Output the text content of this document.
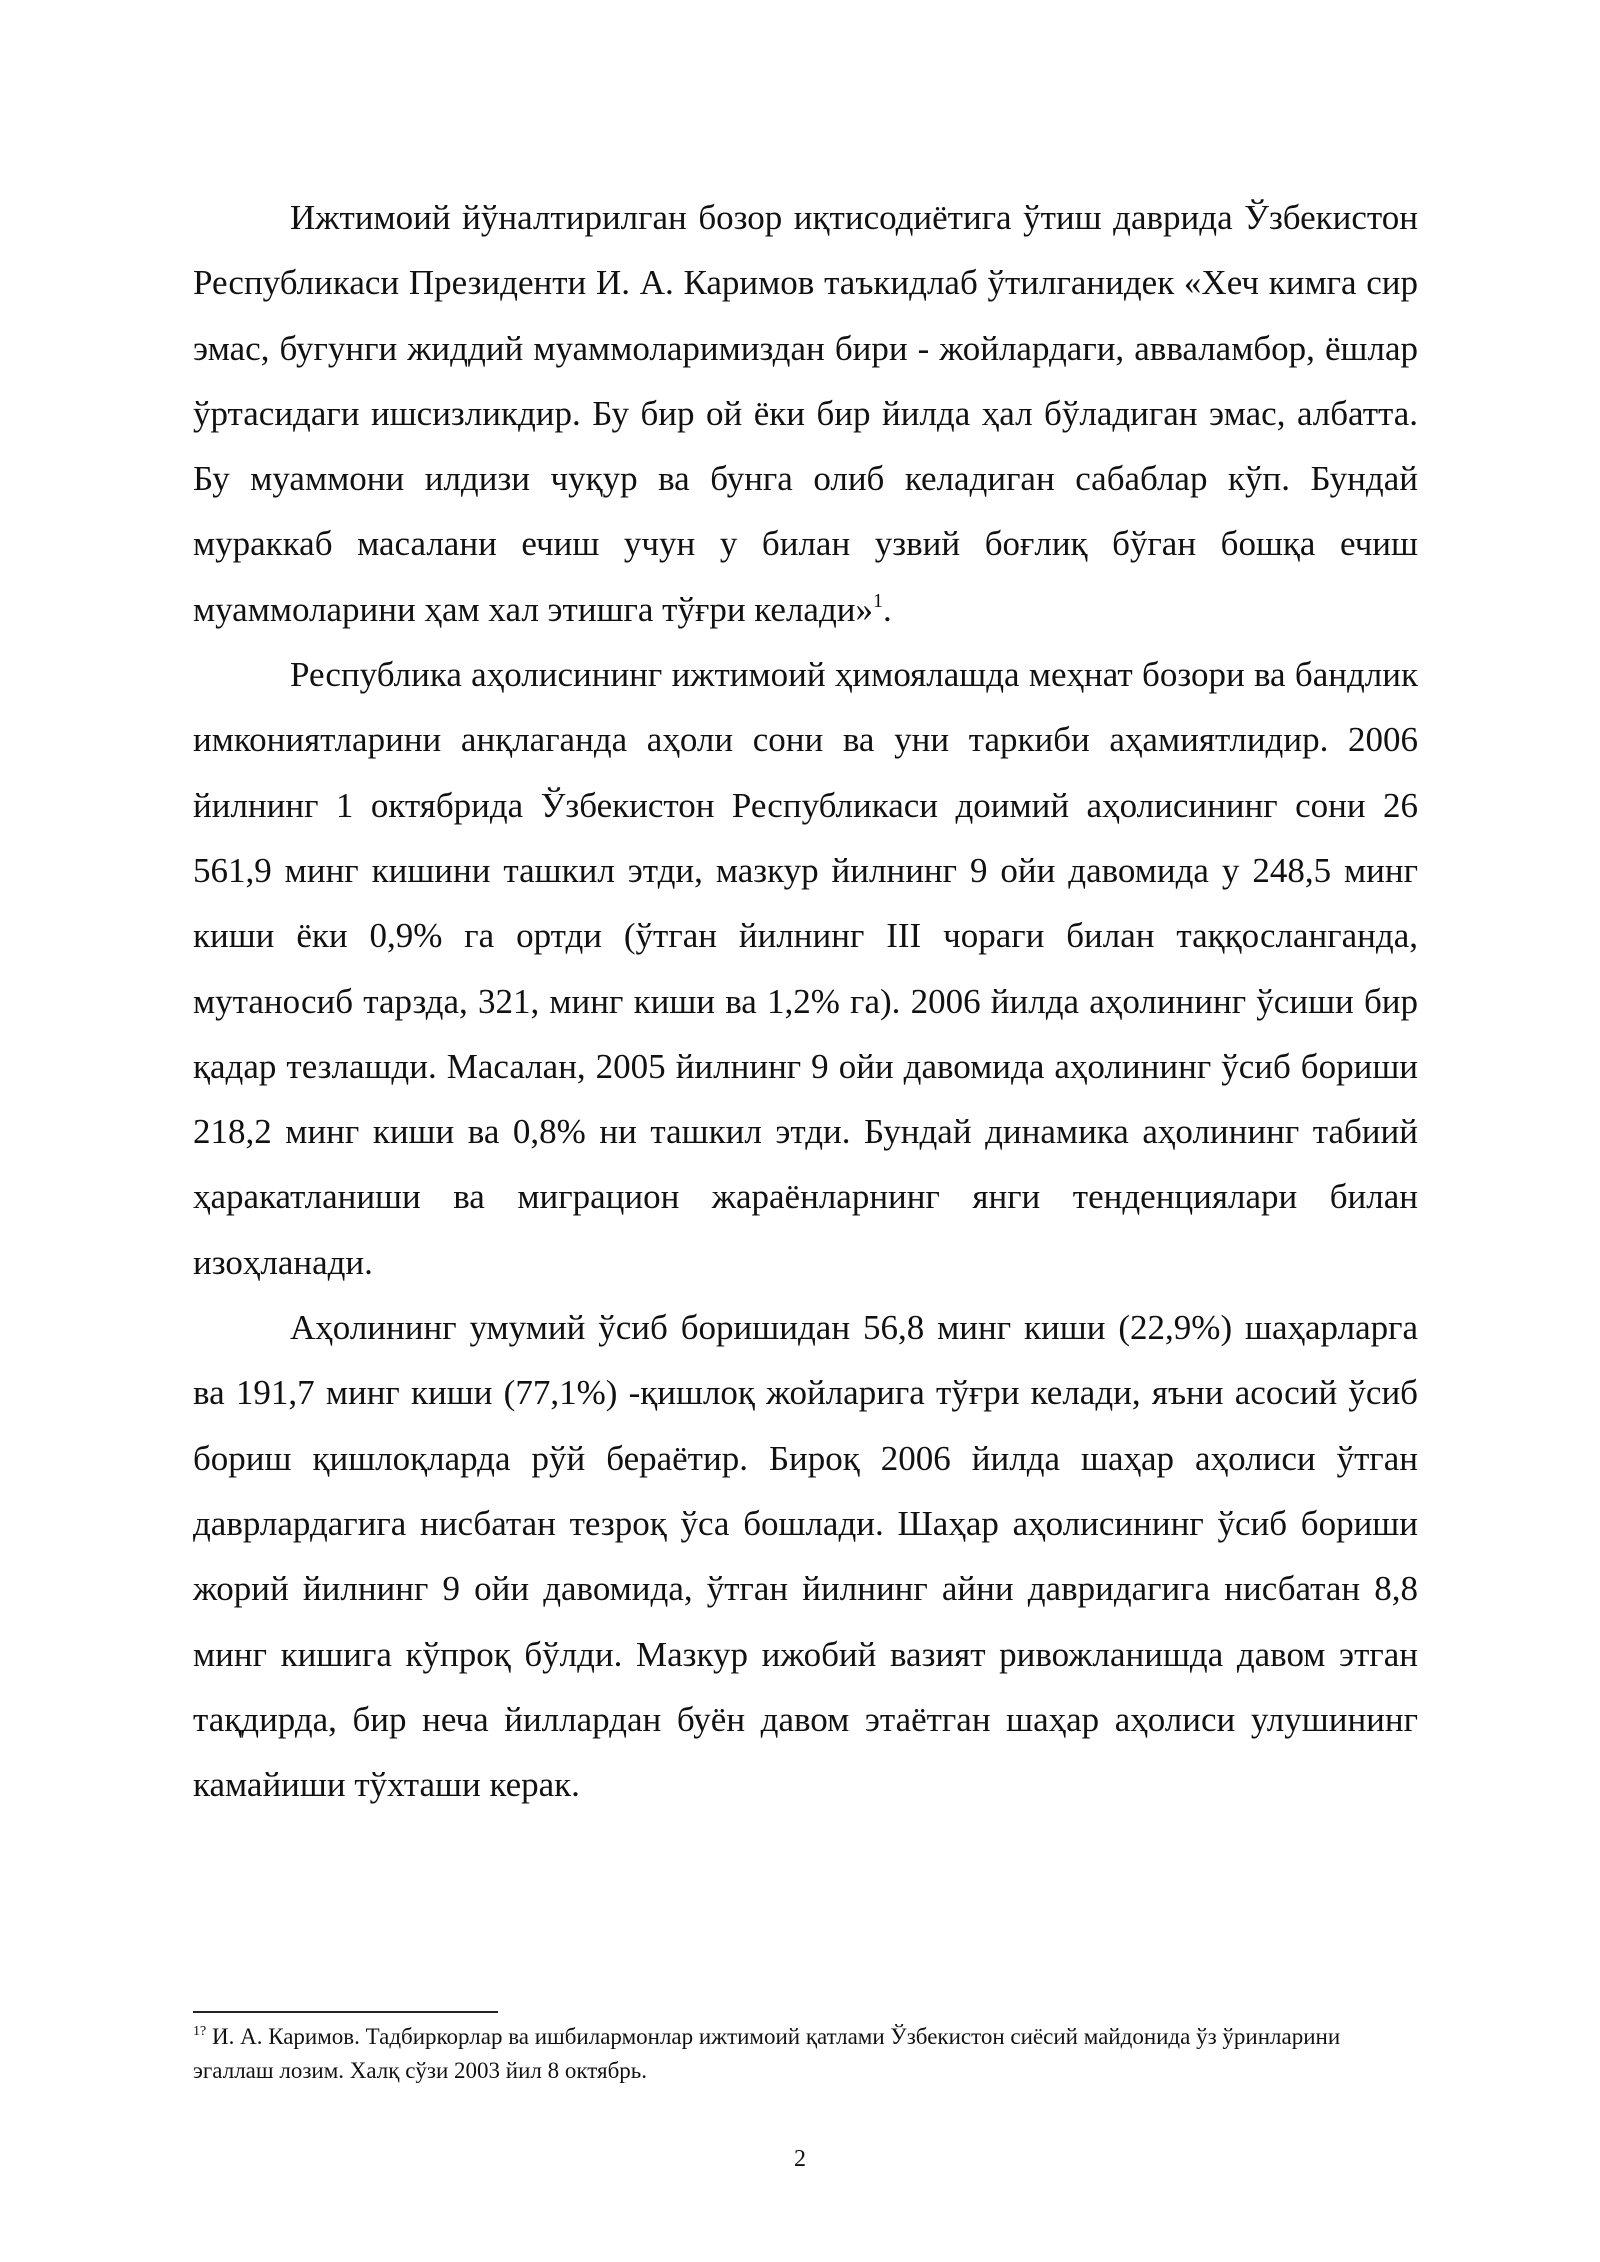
Ижтимоий йўналтирилган бозор иқтисодиётига ўтиш даврида Ўзбекистон Республикаси Президенти И. А. Каримов таъкидлаб ўтилганидек «Хеч кимга сир эмас, бугунги жиддий муаммоларимиздан бири - жойлардаги, авваламбор, ёшлар ўртасидаги ишсизликдир. Бу бир ой ёки бир йилда ҳал бўладиган эмас, албатта. Бу муаммони илдизи чуқур ва бунга олиб келадиган сабаблар кўп. Бундай мураккаб масалани ечиш учун у билан узвий боғлиқ бўган бошқа ечиш муаммоларини ҳам хал этишга тўғри келади»$^1$.

Республика аҳолисининг ижтимоий ҳимоялашда меҳнат бозори ва бандлик имкониятларини анқлаганда аҳоли сони ва уни таркиби аҳамиятлидир. 2006 йилнинг 1 октябрида Ўзбекистон Республикаси доимий аҳолисининг сони 26 561,9 минг кишини ташкил этди, мазкур йилнинг 9 ойи давомида у 248,5 минг киши ёки 0,9% га ортди (ўтган йилнинг III чораги билан таққосланганда, мутаносиб тарзда, 321, минг киши ва 1,2% га). 2006 йилда аҳолининг ўсиши бир қадар тезлашди. Масалан, 2005 йилнинг 9 ойи давомида аҳолининг ўсиб бориши 218,2 минг киши ва 0,8% ни ташкил этди. Бундай динамика аҳолининг табиий ҳаракатланиши ва миграцион жараёнларнинг янги тенденциялари билан изоҳланади.

Аҳолининг умумий ўсиб боришидан 56,8 минг киши (22,9%) шаҳарларга ва 191,7 минг киши (77,1%) -қишлоқ жойларига тўғри келади, яъни асосий ўсиб бориш қишлоқларда рўй бераётир. Бироқ 2006 йилда шаҳар аҳолиси ўтган даврлардагига нисбатан тезроқ ўса бошлади. Шаҳар аҳолисининг ўсиб бориши жорий йилнинг 9 ойи давомида, ўтган йилнинг айни давридагига нисбатан 8,8 минг кишига кўпроқ бўлди. Мазкур ижобий вазият ривожланишда давом этган тақдирда, бир неча йиллардан буён давом этаётган шаҳар аҳолиси улушининг камайиши тўхташи керак.

$^{1?}$ И. А. Каримов. Тадбиркорлар ва ишбилармонлар ижтимоий қатлами Ўзбекистон сиёсий майдонида ўз ўринларини эгаллаш лозим. Халқ сўзи 2003 йил 8 октябрь.

2
